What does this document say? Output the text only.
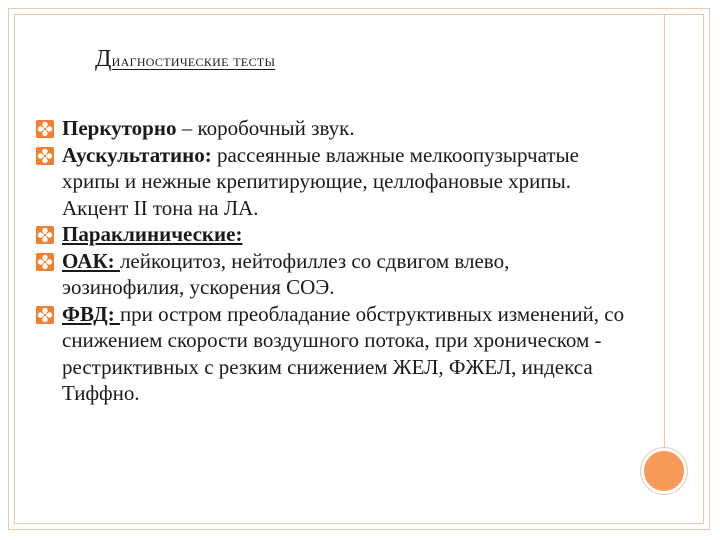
Диагностические тесты
Перкуторно – коробочный звук.
Аускультатино: рассеянные влажные мелкоопузырчатые хрипы и нежные крепитирующие, целлофановые хрипы. Акцент II тона на ЛА.
Параклинические:
ОАК: лейкоцитоз, нейтофиллез со сдвигом влево, эозинофилия, ускорения СОЭ.
ФВД: при остром преобладание обструктивных изменений, со снижением скорости воздушного потока, при хроническом - рестриктивных с резким снижением ЖЕЛ, ФЖЕЛ, индекса Тиффно.
